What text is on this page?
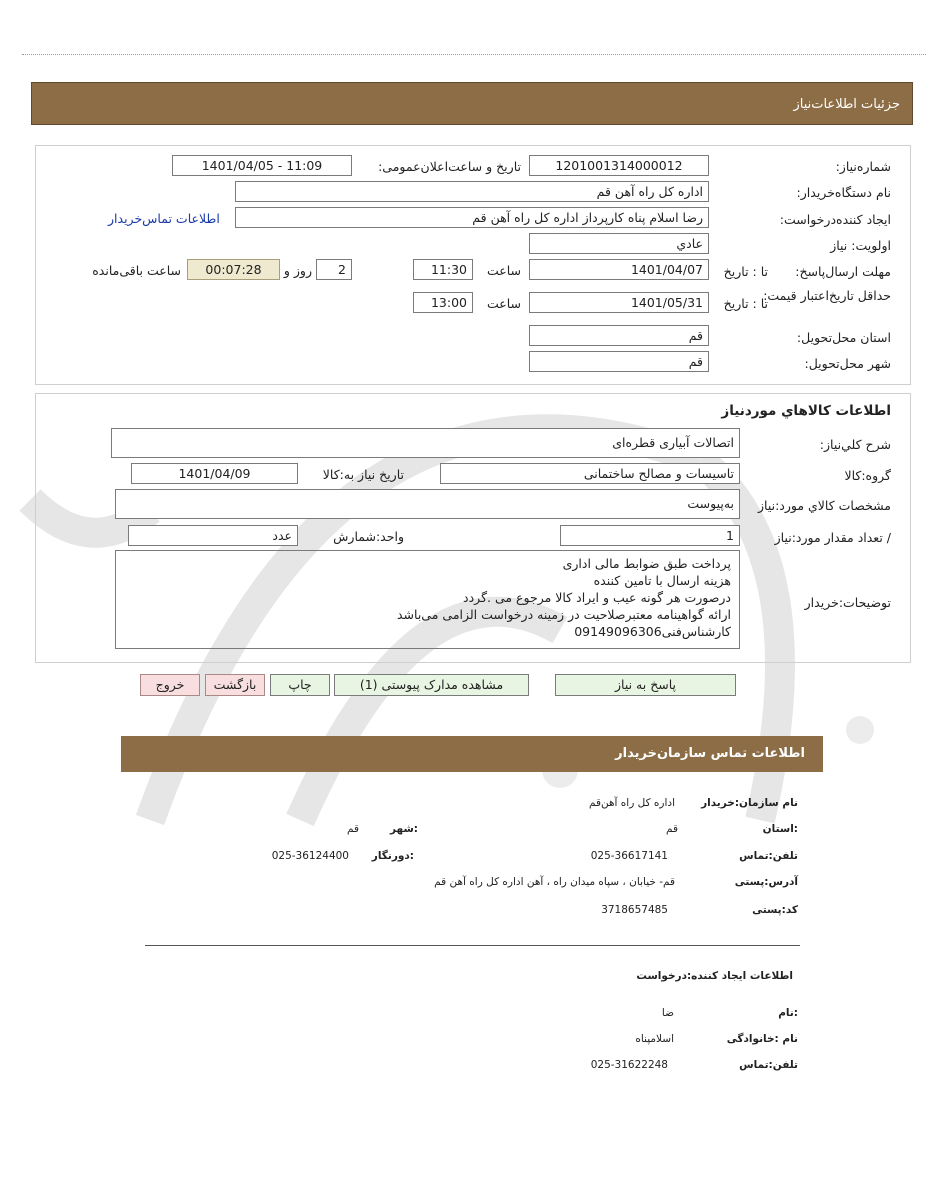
جزئیات اطلاعات‌نیاز
شماره‌نیاز:
1201001314000012
تاریخ و ساعت‌اعلان‌عمومی:
1401/04/05 - 11:09
نام دستگاه‌خریدار:
اداره کل راه آهن قم
ایجاد کننده‌درخواست:
رضا اسلام پناه کارپرداز اداره کل راه آهن قم
اطلاعات تماس‌خریدار
اولویت: نیاز
عادي
مهلت ارسال‌پاسخ:
تا : تاریخ
1401/04/07
ساعت
11:30
2
روز و
00:07:28
ساعت باقی‌مانده
حداقل تاریخ‌اعتبار قیمت:
تا : تاریخ
1401/05/31
ساعت
13:00
استان محل‌تحویل:
قم
شهر محل‌تحویل:
قم
اطلاعات كالاهاي موردنياز
شرح کلي‌نیاز:
اتصالات آبیاری قطره‌ای
گروه:کالا
تاسیسات و مصالح ساختمانی
تاریخ نیاز به:کالا
1401/04/09
مشخصات کالاي مورد:نیاز
به‌پیوست
/ تعداد مقدار مورد:نیاز
1
واحد:شمارش
عدد
توضیحات:خریدار
پرداخت طبق ضوابط مالی اداری
هزینه ارسال با تامین کننده
درصورت هر گونه عیب و ایراد کالا مرجوع می .گردد
ارائه گواهینامه معتبرصلاحیت در زمینه درخواست الزامی می‌باشد
کارشناس‌فنی09149096306
پاسخ به نیاز
مشاهده مدارک پیوستی (1)
چاپ
بازگشت
خروج
اطلاعات تماس سازمان‌خریدار
نام سازمان:خریدار
اداره کل راه آهن‌قم
:استان
قم
:شهر
قم
تلفن:تماس
025-36617141
:دورنگار
025-36124400
آدرس:پستی
قم- خیابان ، سپاه میدان راه ، آهن اداره کل راه آهن قم
کد:پستی
3718657485
اطلاعات ایجاد کننده:درخواست
:نام
ضا
نام :خانوادگی
اسلامپناه
تلفن:تماس
025-31622248
